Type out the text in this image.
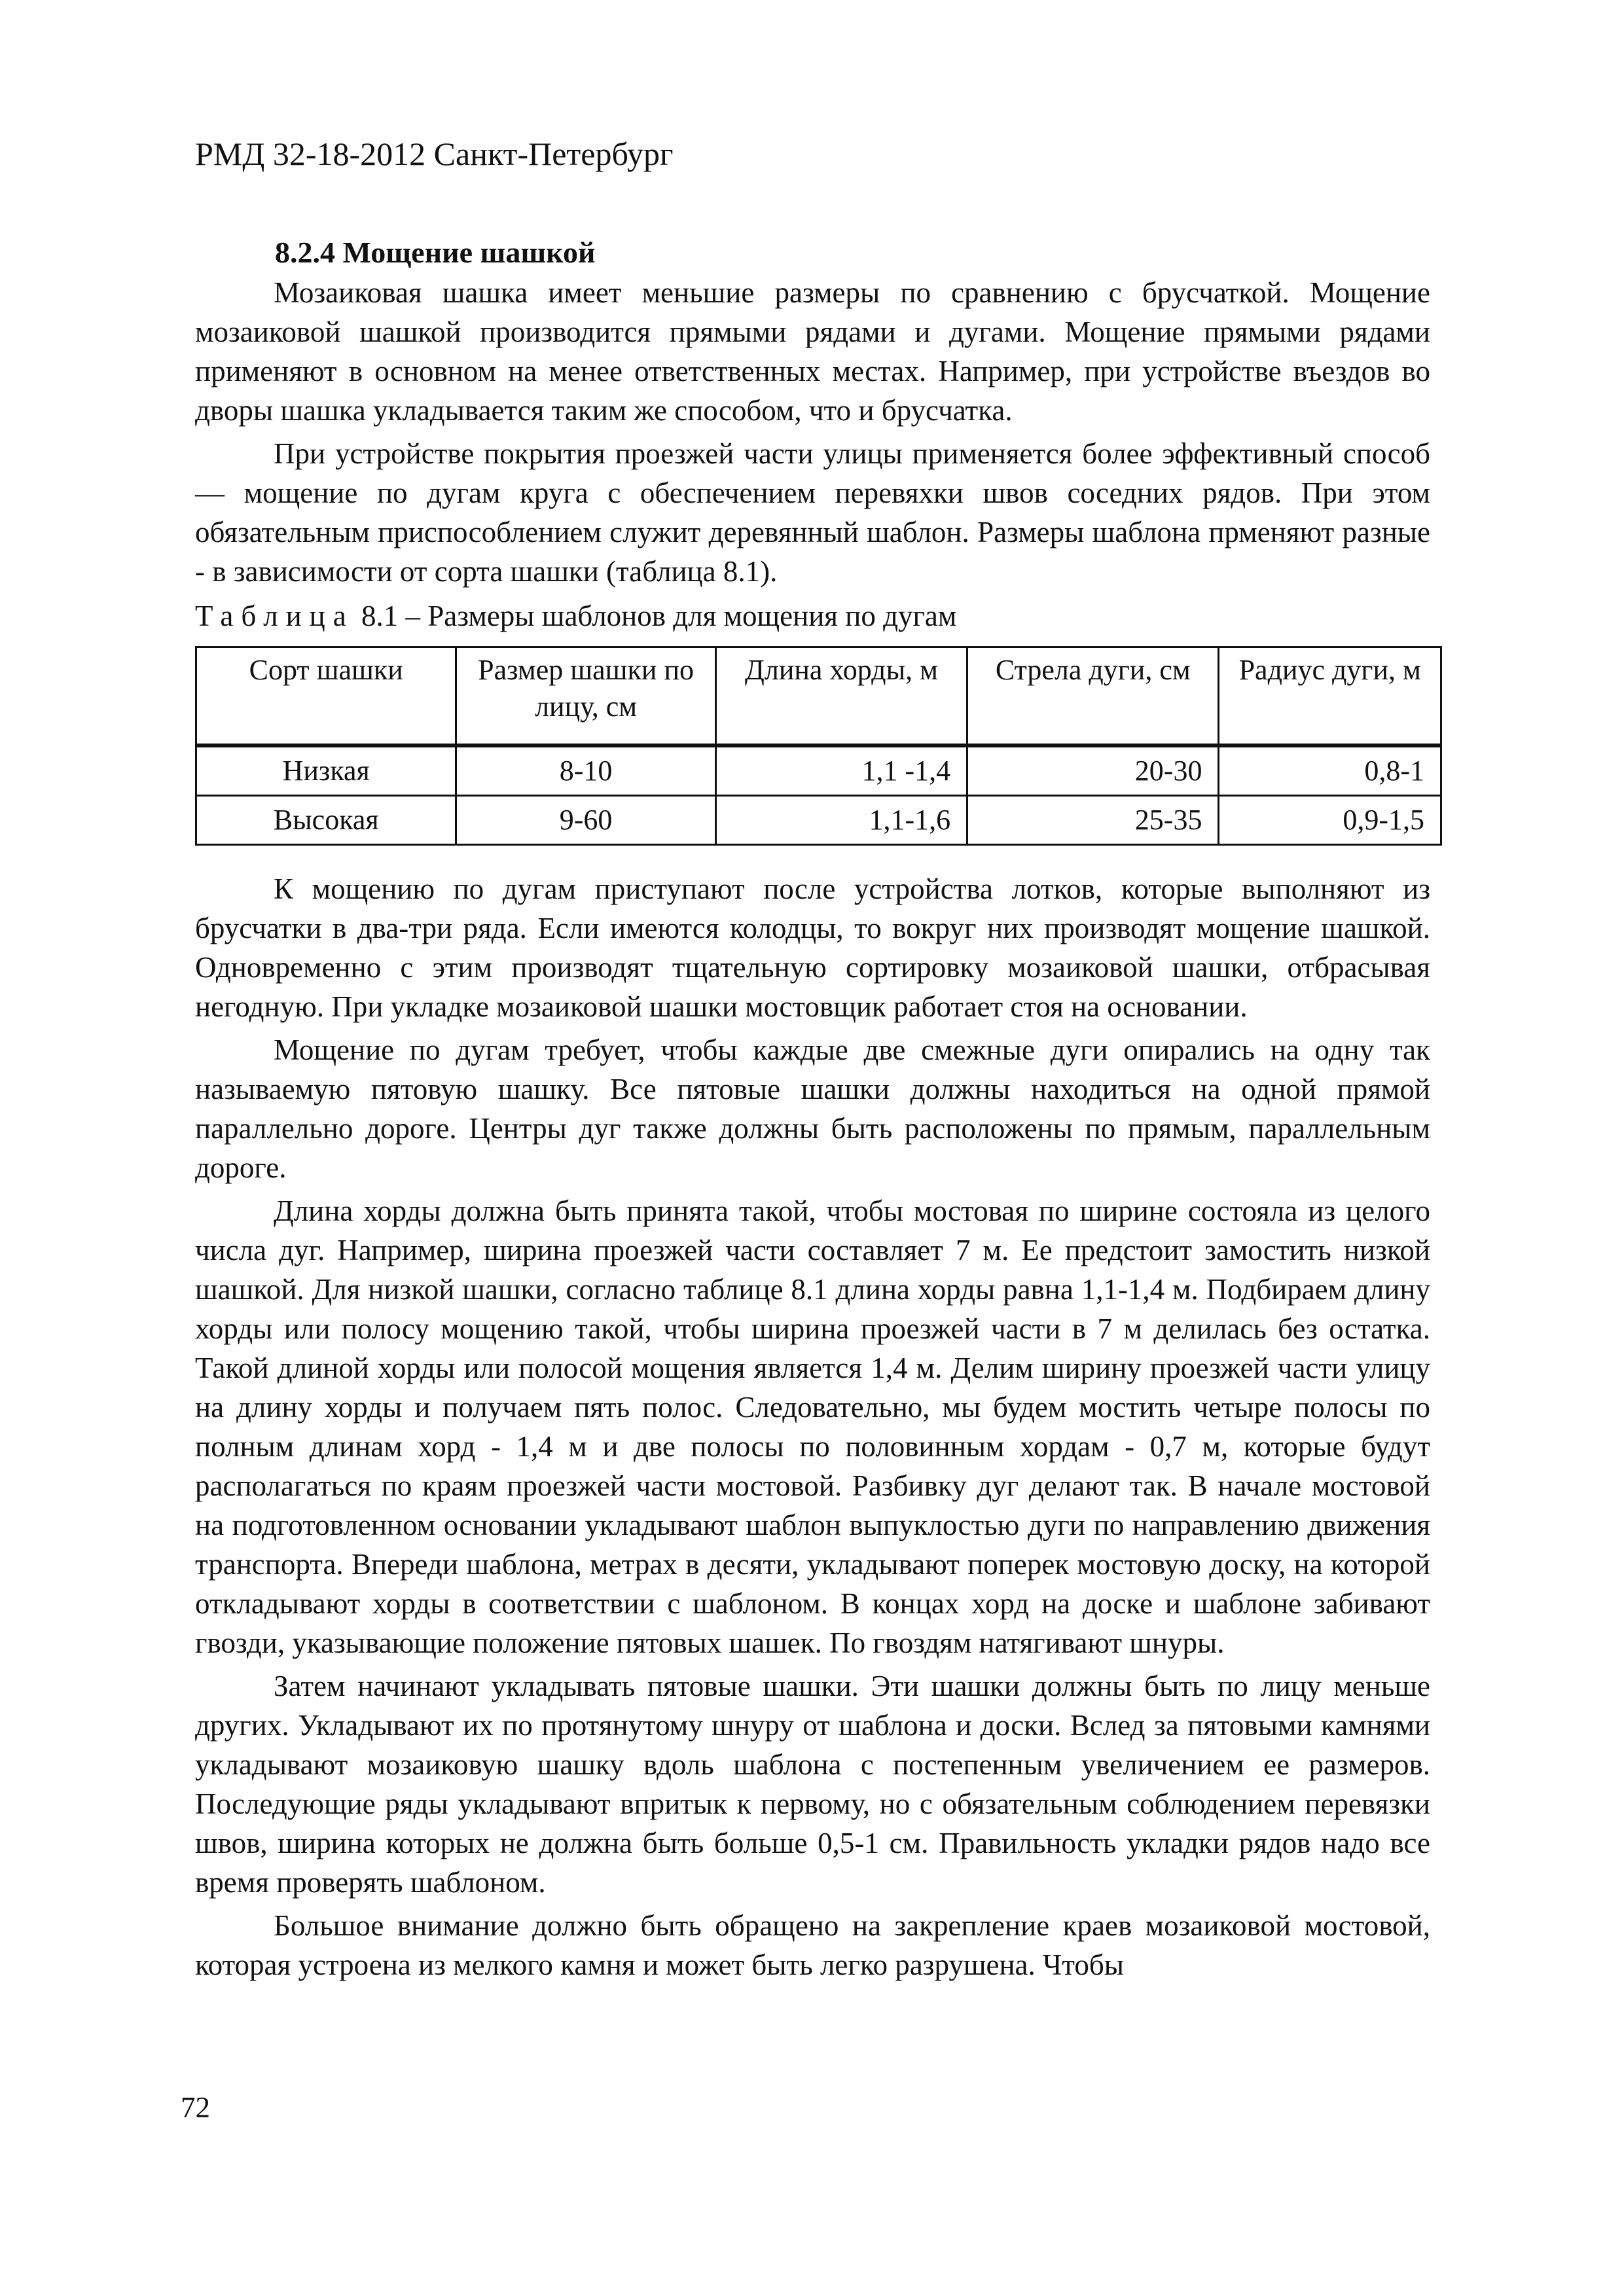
РМД 32-18-2012 Санкт-Петербург
8.2.4 Мощение шашкой

Мозаиковая шашка имеет меньшие размеры по сравнению с брусчаткой. Мощение мозаиковой шашкой производится прямыми рядами и дугами. Мощение прямыми рядами применяют в основном на менее ответственных местах. Например, при устройстве въездов во дворы шашка укладывается таким же способом, что и брусчатка.

При устройстве покрытия проезжей части улицы применяется более эффективный способ — мощение по дугам круга с обеспечением перевяхки швов соседних рядов. При этом обязательным приспособлением служит деревянный шаблон. Размеры шаблона прменяют разные - в зависимости от сорта шашки (таблица 8.1).

Таблица 8.1 – Размеры шаблонов для мощения по дугам
Сорт шашки	Размер шашки по лицу, см	Длина хорды, м	Стрела дуги, см	Радиус дуги, м
Низкая	8-10	1,1 -1,4	20-30	0,8-1
Высокая	9-60	1,1-1,6	25-35	0,9-1,5

К мощению по дугам приступают после устройства лотков, которые выполняют из брусчатки в два-три ряда. Если имеются колодцы, то вокруг них производят мощение шашкой. Одновременно с этим производят тщательную сортировку мозаиковой шашки, отбрасывая негодную. При укладке мозаиковой шашки мостовщик работает стоя на основании.

Мощение по дугам требует, чтобы каждые две смежные дуги опирались на одну так называемую пятовую шашку. Все пятовые шашки должны находиться на одной прямой параллельно дороге. Центры дуг также должны быть расположены по прямым, параллельным дороге.

Длина хорды должна быть принята такой, чтобы мостовая по ширине состояла из целого числа дуг. Например, ширина проезжей части составляет 7 м. Ее предстоит замостить низкой шашкой. Для низкой шашки, согласно таблице 8.1 длина хорды равна 1,1-1,4 м. Подбираем длину хорды или полосу мощению такой, чтобы ширина проезжей части в 7 м делилась без остатка. Такой длиной хорды или полосой мощения является 1,4 м. Делим ширину проезжей части улицу на длину хорды и получаем пять полос. Следовательно, мы будем мостить четыре полосы по полным длинам хорд - 1,4 м и две полосы по половинным хордам - 0,7 м, которые будут располагаться по краям проезжей части мостовой. Разбивку дуг делают так. В начале мостовой на подготовленном основании укладывают шаблон выпуклостью дуги по направлению движения транспорта. Впереди шаблона, метрах в десяти, укладывают поперек мостовую доску, на которой откладывают хорды в соответствии с шаблоном. В концах хорд на доске и шаблоне забивают гвозди, указывающие положение пятовых шашек. По гвоздям натягивают шнуры.

Затем начинают укладывать пятовые шашки. Эти шашки должны быть по лицу меньше других. Укладывают их по протянутому шнуру от шаблона и доски. Вслед за пятовыми камнями укладывают мозаиковую шашку вдоль шаблона с постепенным увеличением ее размеров. Последующие ряды укладывают впритык к первому, но с обязательным соблюдением перевязки швов, ширина которых не должна быть больше 0,5-1 см. Правильность укладки рядов надо все время проверять шаблоном.

Большое внимание должно быть обращено на закрепление краев мозаиковой мостовой, которая устроена из мелкого камня и может быть легко разрушена. Чтобы

72
